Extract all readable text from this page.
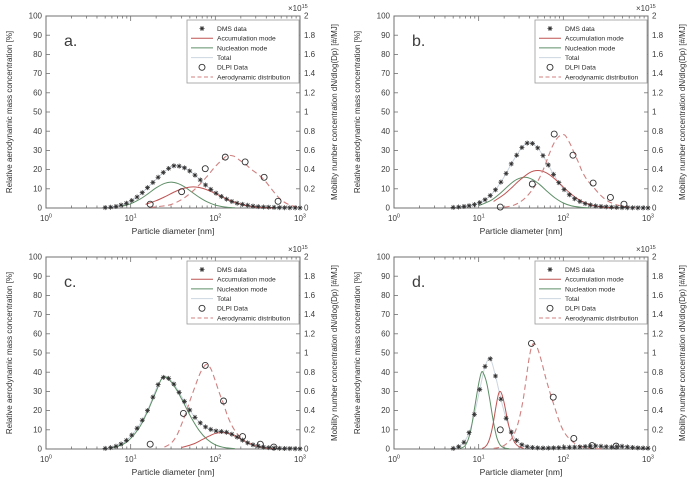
$10^0$	$10^1$	$10^2$	$10^3$
0
10
20
30
40
50
60
70
80
90
100
0
0.2
0.4
0.6
0.8
1
1.2
1.4
1.6
1.8
2
$\times 10^{15}$
a.
Particle diameter [nm]
Relative aerodynamic mass concentration [%]	Mobility number concentration dN/dlog(Dp) [#/MJ]
DMS data
Accumulation mode
Nucleation mode
Total
DLPI Data
Aerodynamic distribution
$10^0$	$10^1$	$10^2$	$10^3$
0
10
20
30
40
50
60
70
80
90
100
0
0.2
0.4
0.6
0.8
1
1.2
1.4
1.6
1.8
2
$\times 10^{15}$
b.
Particle diameter [nm]
Relative aerodynamic mass concentration [%]	Mobility number concentration dN/dlog(Dp) [#/MJ]
DMS data
Accumulation mode
Nucleation mode
Total
DLPI Data
Aerodynamic distribution
$10^0$	$10^1$	$10^2$	$10^3$
0
10
20
30
40
50
60
70
80
90
100
0
0.2
0.4
0.6
0.8
1
1.2
1.4
1.6
1.8
2
$\times 10^{15}$
c.
Particle diameter [nm]
Relative aerodynamic mass concentration [%]	Mobility number concentration dN/dlog(Dp) [#/MJ]
DMS data
Accumulation mode
Nucleation mode
Total
DLPI Data
Aerodynamic distribution
$10^0$	$10^1$	$10^2$	$10^3$
0
10
20
30
40
50
60
70
80
90
100
0
0.2
0.4
0.6
0.8
1
1.2
1.4
1.6
1.8
2
$\times 10^{15}$
d.
Particle diameter [nm]
Relative aerodynamic mass concentration [%]	Mobility number concentration dN/dlog(Dp) [#/MJ]
DMS data
Accumulation mode
Nucleation mode
Total
DLPI Data
Aerodynamic distribution
